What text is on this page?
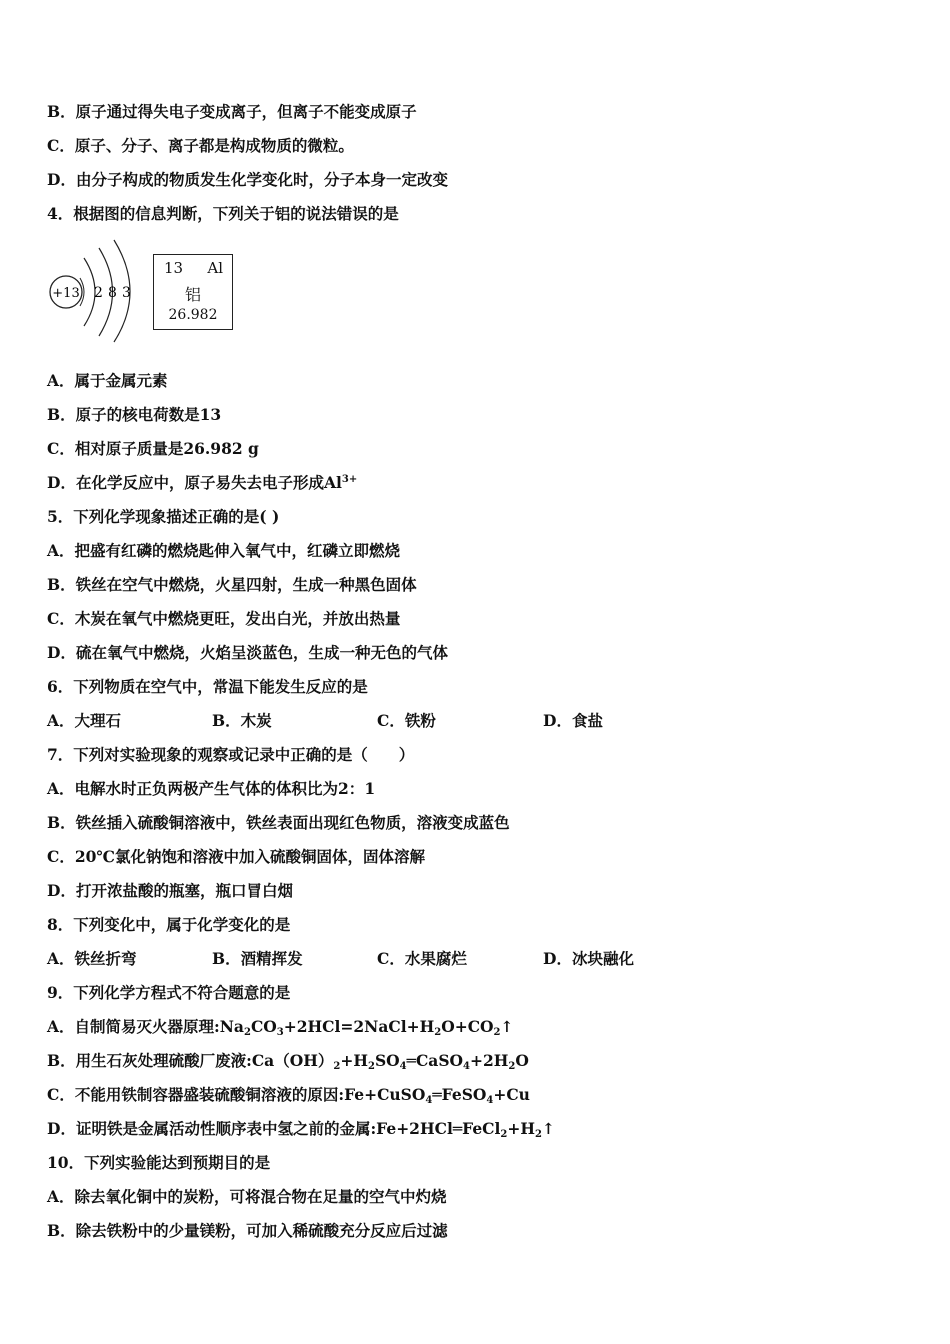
B．原子通过得失电子变成离子，但离子不能变成原子
C．原子、分子、离子都是构成物质的微粒。
D．由分子构成的物质发生化学变化时，分子本身一定改变
4．根据图的信息判断，下列关于铝的说法错误的是
+13 2 8 3
13 Al
铝
26.982
A．属于金属元素
B．原子的核电荷数是13
C．相对原子质量是26.982 g
D．在化学反应中，原子易失去电子形成$Al^{3+}$
5．下列化学现象描述正确的是( )
A．把盛有红磷的燃烧匙伸入氧气中，红磷立即燃烧
B．铁丝在空气中燃烧，火星四射，生成一种黑色固体
C．木炭在氧气中燃烧更旺，发出白光，并放出热量
D．硫在氧气中燃烧，火焰呈淡蓝色，生成一种无色的气体
6．下列物质在空气中，常温下能发生反应的是
A．大理石	B．木炭	C．铁粉	D．食盐
7．下列对实验现象的观察或记录中正确的是（　　）
A．电解水时正负两极产生气体的体积比为2：1
B．铁丝插入硫酸铜溶液中，铁丝表面出现红色物质，溶液变成蓝色
C．20℃氯化钠饱和溶液中加入硫酸铜固体，固体溶解
D．打开浓盐酸的瓶塞，瓶口冒白烟
8．下列变化中，属于化学变化的是
A．铁丝折弯	B．酒精挥发	C．水果腐烂	D．冰块融化
9．下列化学方程式不符合题意的是
A．自制简易灭火器原理$:Na_2CO_3+2HCl=2NaCl+H_2O+CO_2↑$
B．用生石灰处理硫酸厂废液$:Ca(OH)_2+H_2SO_4═CaSO_4+2H_2O$
C．不能用铁制容器盛装硫酸铜溶液的原因:Fe+CuSO$_4$═FeSO$_4$+Cu
D．证明铁是金属活动性顺序表中氢之前的金属$:Fe+2HCl═FeCl_2+H_2↑$
10．下列实验能达到预期目的是
A．除去氧化铜中的炭粉，可将混合物在足量的空气中灼烧
B．除去铁粉中的少量镁粉，可加入稀硫酸充分反应后过滤
